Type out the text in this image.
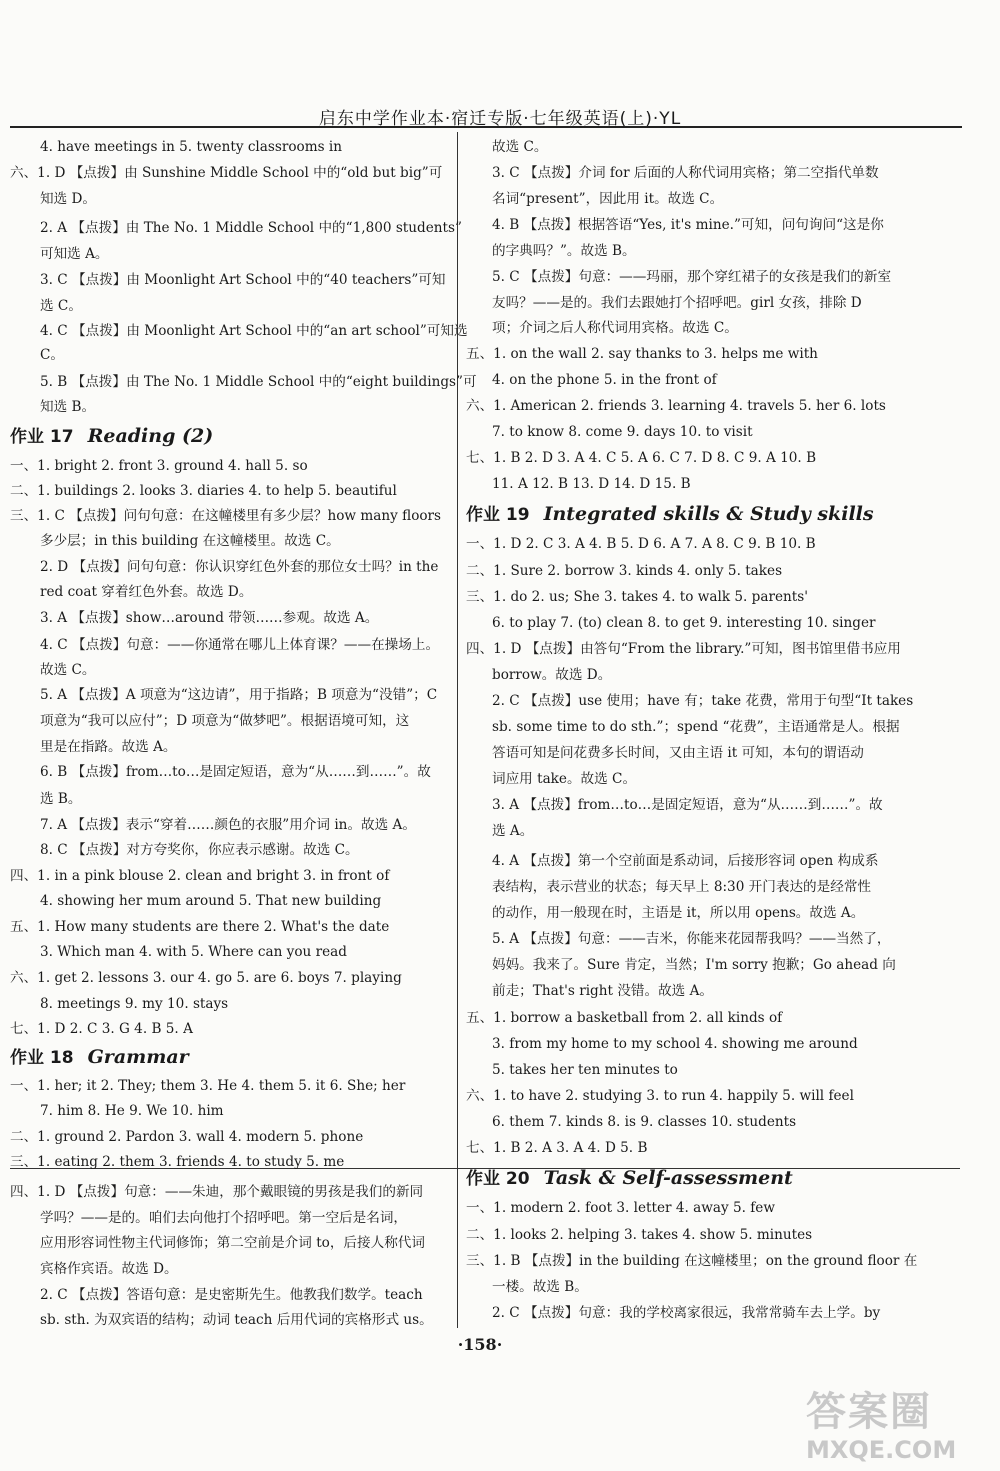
启东中学作业本·宿迁专版·七年级英语(上)·YL
4. have meetings in 5. twenty classrooms in
六、1. D 【点拨】由 Sunshine Middle School 中的“old but big”可
知选 D。
2. A 【点拨】由 The No. 1 Middle School 中的“1,800 students”
可知选 A。
3. C 【点拨】由 Moonlight Art School 中的“40 teachers”可知
选 C。
4. C 【点拨】由 Moonlight Art School 中的“an art school”可知选
C。
5. B 【点拨】由 The No. 1 Middle School 中的“eight buildings”可
知选 B。
作业 17 Reading (2)
一、1. bright 2. front 3. ground 4. hall 5. so
二、1. buildings 2. looks 3. diaries 4. to help 5. beautiful
三、1. C 【点拨】问句句意：在这幢楼里有多少层？how many floors
多少层；in this building 在这幢楼里。故选 C。
2. D 【点拨】问句句意：你认识穿红色外套的那位女士吗？in the
red coat 穿着红色外套。故选 D。
3. A 【点拨】show…around 带领……参观。故选 A。
4. C 【点拨】句意：——你通常在哪儿上体育课？——在操场上。
故选 C。
5. A 【点拨】A 项意为“这边请”，用于指路；B 项意为“没错”；C
项意为“我可以应付”；D 项意为“做梦吧”。根据语境可知，这
里是在指路。故选 A。
6. B 【点拨】from…to…是固定短语，意为“从……到……”。故
选 B。
7. A 【点拨】表示“穿着……颜色的衣服”用介词 in。故选 A。
8. C 【点拨】对方夸奖你，你应表示感谢。故选 C。
四、1. in a pink blouse 2. clean and bright 3. in front of
4. showing her mum around 5. That new building
五、1. How many students are there 2. What's the date
3. Which man 4. with 5. Where can you read
六、1. get 2. lessons 3. our 4. go 5. are 6. boys 7. playing
8. meetings 9. my 10. stays
七、1. D 2. C 3. G 4. B 5. A
作业 18 Grammar
一、1. her; it 2. They; them 3. He 4. them 5. it 6. She; her
7. him 8. He 9. We 10. him
二、1. ground 2. Pardon 3. wall 4. modern 5. phone
三、1. eating 2. them 3. friends 4. to study 5. me
四、1. D 【点拨】句意：——朱迪，那个戴眼镜的男孩是我们的新同
学吗？——是的。咱们去向他打个招呼吧。第一空后是名词，
应用形容词性物主代词修饰；第二空前是介词 to，后接人称代词
宾格作宾语。故选 D。
2. C 【点拨】答语句意：是史密斯先生。他教我们数学。teach
sb. sth. 为双宾语的结构；动词 teach 后用代词的宾格形式 us。
故选 C。
3. C 【点拨】介词 for 后面的人称代词用宾格；第二空指代单数
名词“present”，因此用 it。故选 C。
4. B 【点拨】根据答语“Yes, it's mine.”可知，问句询问“这是你
的字典吗？”。故选 B。
5. C 【点拨】句意：——玛丽，那个穿红裙子的女孩是我们的新室
友吗？——是的。我们去跟她打个招呼吧。girl 女孩，排除 D
项；介词之后人称代词用宾格。故选 C。
五、1. on the wall 2. say thanks to 3. helps me with
4. on the phone 5. in the front of
六、1. American 2. friends 3. learning 4. travels 5. her 6. lots
7. to know 8. come 9. days 10. to visit
七、1. B 2. D 3. A 4. C 5. A 6. C 7. D 8. C 9. A 10. B
11. A 12. B 13. D 14. D 15. B
作业 19 Integrated skills & Study skills
一、1. D 2. C 3. A 4. B 5. D 6. A 7. A 8. C 9. B 10. B
二、1. Sure 2. borrow 3. kinds 4. only 5. takes
三、1. do 2. us; She 3. takes 4. to walk 5. parents'
6. to play 7. (to) clean 8. to get 9. interesting 10. singer
四、1. D 【点拨】由答句“From the library.”可知，图书馆里借书应用
borrow。故选 D。
2. C 【点拨】use 使用；have 有；take 花费，常用于句型“It takes
sb. some time to do sth.”；spend “花费”，主语通常是人。根据
答语可知是问花费多长时间，又由主语 it 可知，本句的谓语动
词应用 take。故选 C。
3. A 【点拨】from…to…是固定短语，意为“从……到……”。故
选 A。
4. A 【点拨】第一个空前面是系动词，后接形容词 open 构成系
表结构，表示营业的状态；每天早上 8:30 开门表达的是经常性
的动作，用一般现在时，主语是 it，所以用 opens。故选 A。
5. A 【点拨】句意：——吉米，你能来花园帮我吗？——当然了，
妈妈。我来了。Sure 肯定，当然；I'm sorry 抱歉；Go ahead 向
前走；That's right 没错。故选 A。
五、1. borrow a basketball from 2. all kinds of
3. from my home to my school 4. showing me around
5. takes her ten minutes to
六、1. to have 2. studying 3. to run 4. happily 5. will feel
6. them 7. kinds 8. is 9. classes 10. students
七、1. B 2. A 3. A 4. D 5. B
作业 20 Task & Self-assessment
一、1. modern 2. foot 3. letter 4. away 5. few
二、1. looks 2. helping 3. takes 4. show 5. minutes
三、1. B 【点拨】in the building 在这幢楼里；on the ground floor 在
一楼。故选 B。
2. C 【点拨】句意：我的学校离家很远，我常常骑车去上学。by
·158·
答案圈
MXQE.COM
